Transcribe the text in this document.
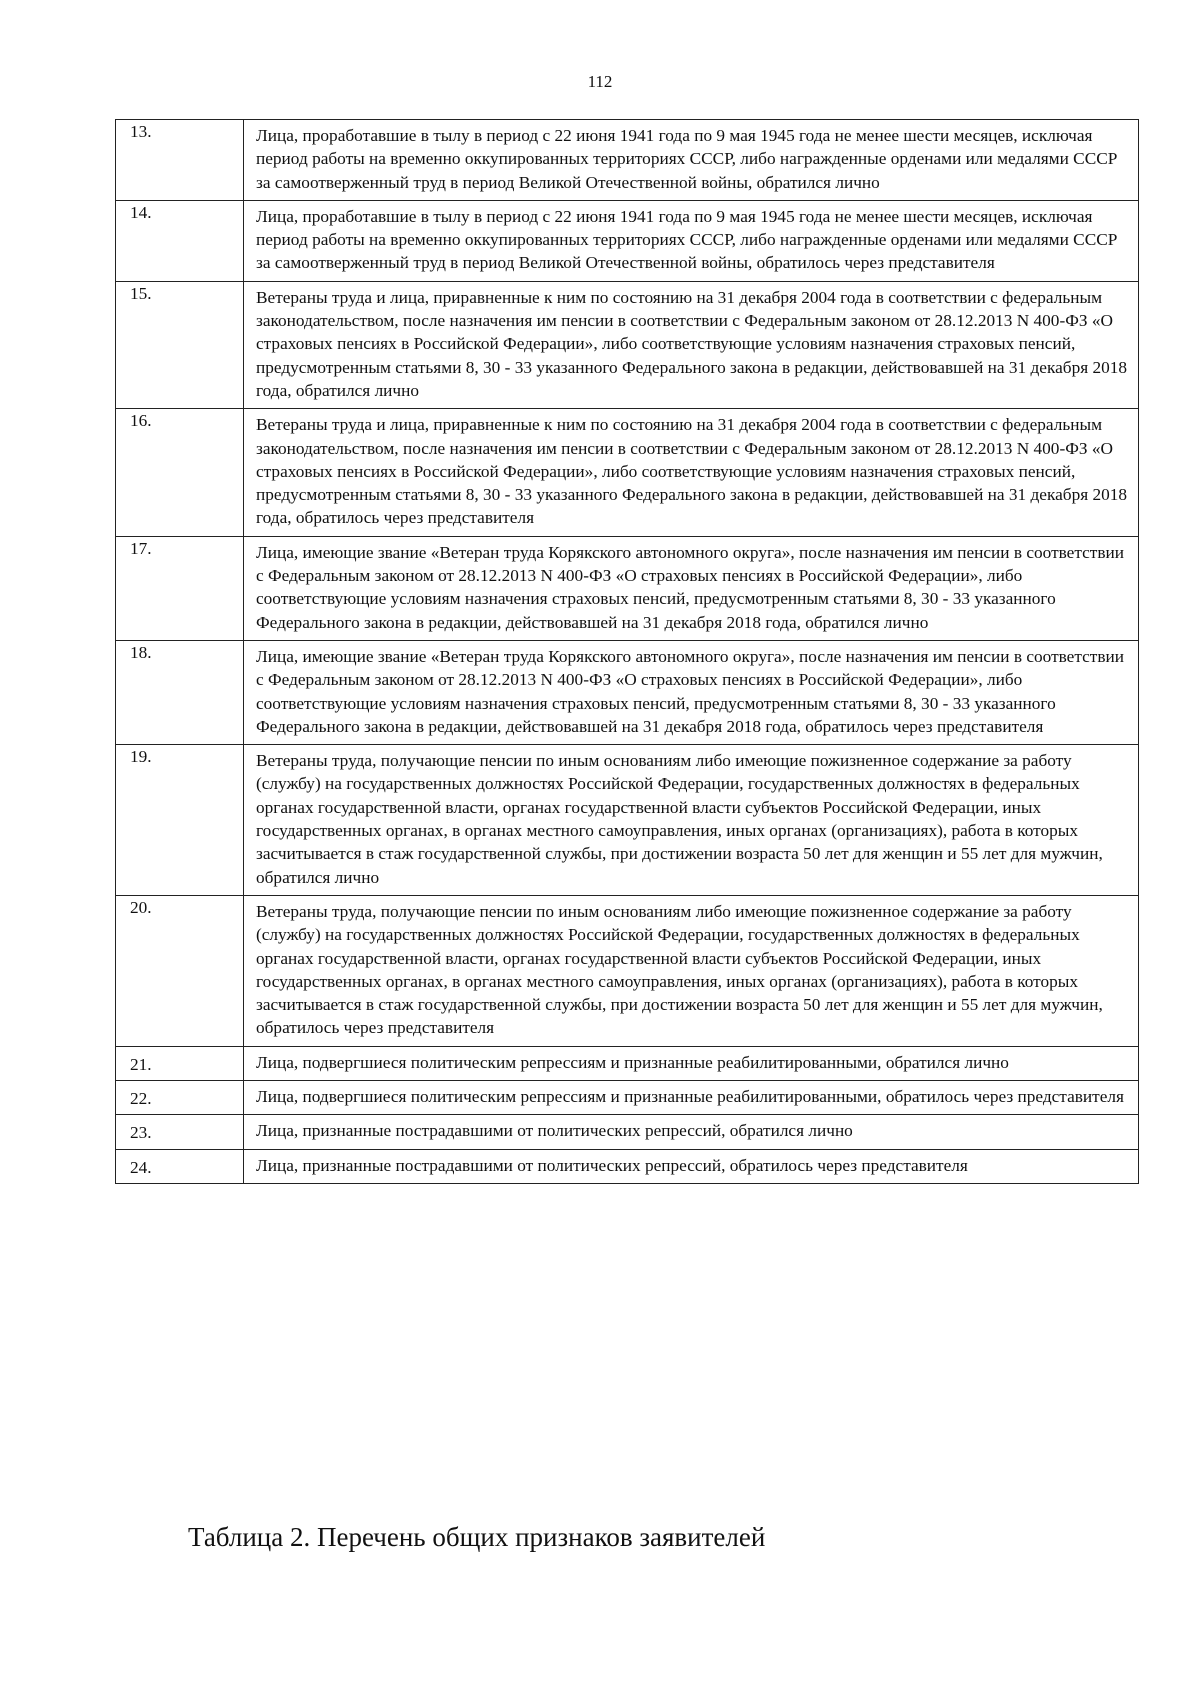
112
13.	Лица, проработавшие в тылу в период с 22 июня 1941 года по 9 мая 1945 года не менее шести месяцев, исключая период работы на временно оккупированных территориях СССР, либо награжденные орденами или медалями СССР за самоотверженный труд в период Великой Отечественной войны, обратился лично
14.	Лица, проработавшие в тылу в период с 22 июня 1941 года по 9 мая 1945 года не менее шести месяцев, исключая период работы на временно оккупированных территориях СССР, либо награжденные орденами или медалями СССР за самоотверженный труд в период Великой Отечественной войны, обратилось через представителя
15.	Ветераны труда и лица, приравненные к ним по состоянию на 31 декабря 2004 года в соответствии с федеральным законодательством, после назначения им пенсии в соответствии с Федеральным законом от 28.12.2013 N 400-ФЗ «О страховых пенсиях в Российской Федерации», либо соответствующие условиям назначения страховых пенсий, предусмотренным статьями 8, 30 - 33 указанного Федерального закона в редакции, действовавшей на 31 декабря 2018 года, обратился лично
16.	Ветераны труда и лица, приравненные к ним по состоянию на 31 декабря 2004 года в соответствии с федеральным законодательством, после назначения им пенсии в соответствии с Федеральным законом от 28.12.2013 N 400-ФЗ «О страховых пенсиях в Российской Федерации», либо соответствующие условиям назначения страховых пенсий, предусмотренным статьями 8, 30 - 33 указанного Федерального закона в редакции, действовавшей на 31 декабря 2018 года, обратилось через представителя
17.	Лица, имеющие звание «Ветеран труда Корякского автономного округа», после назначения им пенсии в соответствии с Федеральным законом от 28.12.2013 N 400-ФЗ «О страховых пенсиях в Российской Федерации», либо соответствующие условиям назначения страховых пенсий, предусмотренным статьями 8, 30 - 33 указанного Федерального закона в редакции, действовавшей на 31 декабря 2018 года, обратился лично
18.	Лица, имеющие звание «Ветеран труда Корякского автономного округа», после назначения им пенсии в соответствии с Федеральным законом от 28.12.2013 N 400-ФЗ «О страховых пенсиях в Российской Федерации», либо соответствующие условиям назначения страховых пенсий, предусмотренным статьями 8, 30 - 33 указанного Федерального закона в редакции, действовавшей на 31 декабря 2018 года, обратилось через представителя
19.	Ветераны труда, получающие пенсии по иным основаниям либо имеющие пожизненное содержание за работу (службу) на государственных должностях Российской Федерации, государственных должностях в федеральных органах государственной власти, органах государственной власти субъектов Российской Федерации, иных государственных органах, в органах местного самоуправления, иных органах (организациях), работа в которых засчитывается в стаж государственной службы, при достижении возраста 50 лет для женщин и 55 лет для мужчин, обратился лично
20.	Ветераны труда, получающие пенсии по иным основаниям либо имеющие пожизненное содержание за работу (службу) на государственных должностях Российской Федерации, государственных должностях в федеральных органах государственной власти, органах государственной власти субъектов Российской Федерации, иных государственных органах, в органах местного самоуправления, иных органах (организациях), работа в которых засчитывается в стаж государственной службы, при достижении возраста 50 лет для женщин и 55 лет для мужчин, обратилось через представителя
21.	Лица, подвергшиеся политическим репрессиям и признанные реабилитированными, обратился лично
22.	Лица, подвергшиеся политическим репрессиям и признанные реабилитированными, обратилось через представителя
23.	Лица, признанные пострадавшими от политических репрессий, обратился лично
24.	Лица, признанные пострадавшими от политических репрессий, обратилось через представителя
Таблица 2. Перечень общих признаков заявителей
